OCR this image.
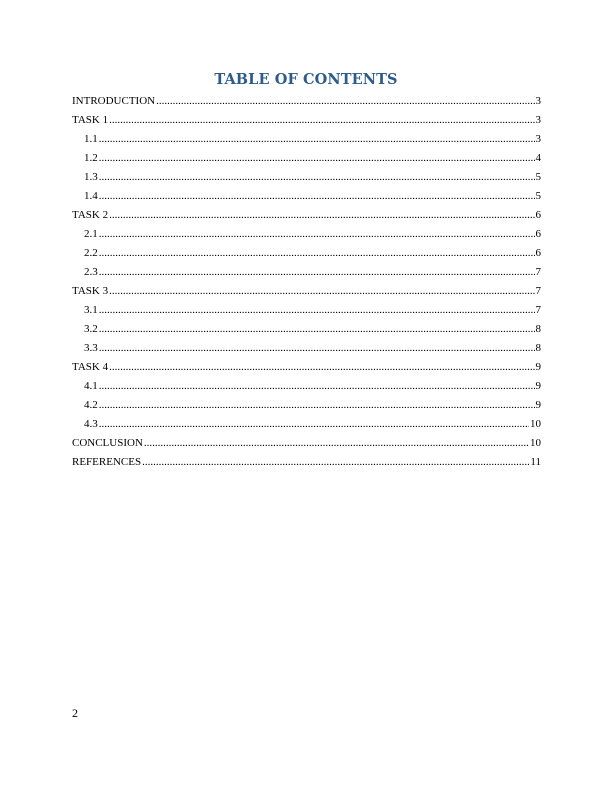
TABLE OF CONTENTS
INTRODUCTION .....	3
TASK 1 .....	3
1.1 .....	3
1.2 .....	4
1.3 .....	5
1.4 .....	5
TASK 2 .....	6
2.1 .....	6
2.2 .....	6
2.3 .....	7
TASK 3 .....	7
3.1 .....	7
3.2 .....	8
3.3 .....	8
TASK 4 .....	9
4.1 .....	9
4.2 .....	9
4.3 .....	10
CONCLUSION .....	10
REFERENCES .....	11
2
